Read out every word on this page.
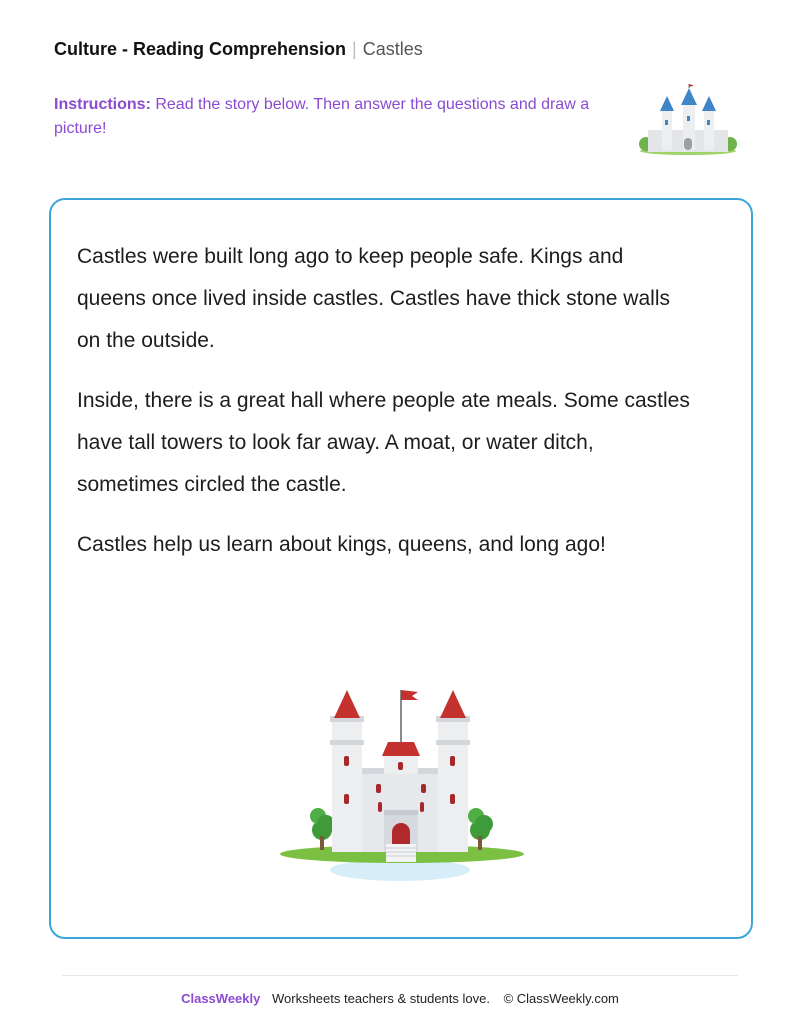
Culture - Reading Comprehension | Castles
Instructions: Read the story below. Then answer the questions and draw a picture!

Castles were built long ago to keep people safe. Kings and queens once lived inside castles. Castles have thick stone walls on the outside.

Inside, there is a great hall where people ate meals. Some castles have tall towers to look far away. A moat, or water ditch, sometimes circled the castle.

Castles help us learn about kings, queens, and long ago!

ClassWeekly Worksheets teachers & students love. © ClassWeekly.com
